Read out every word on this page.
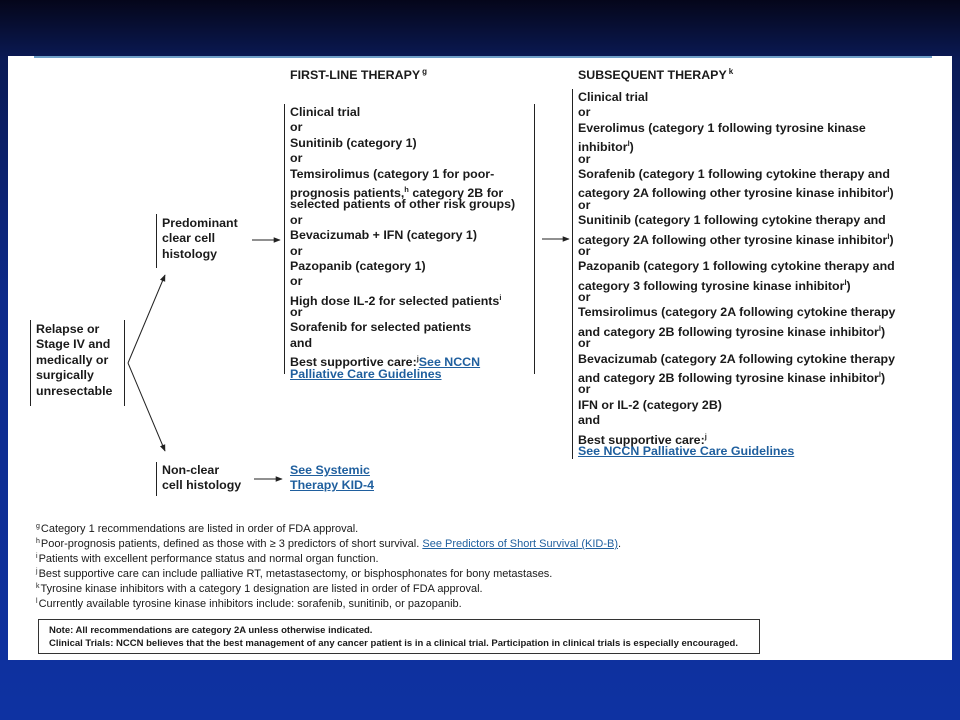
FIRST-LINE THERAPY $^g$	SUBSEQUENT THERAPY $^k$
Relapse or
Stage IV and
medically or
surgically
unresectable
Predominant
clear cell
histology
Non-clear
cell histology
Clinical trial
or
Sunitinib (category 1)
or
Temsirolimus (category 1 for poor-
prognosis patients,$^h$ category 2B for
selected patients of other risk groups)
or
Bevacizumab + IFN (category 1)
or
Pazopanib (category 1)
or
High dose IL-2 for selected patients$^i$
or
Sorafenib for selected patients
and
Best supportive care:$^j$See NCCN
Palliative Care Guidelines
See Systemic
Therapy KID-4
Clinical trial
or
Everolimus (category 1 following tyrosine kinase
inhibitor$^l$)
or
Sorafenib (category 1 following cytokine therapy and
category 2A following other tyrosine kinase inhibitor$^l$)
or
Sunitinib (category 1 following cytokine therapy and
category 2A following other tyrosine kinase inhibitor$^l$)
or
Pazopanib (category 1 following cytokine therapy and
category 3 following tyrosine kinase inhibitor$^l$)
or
Temsirolimus (category 2A following cytokine therapy
and category 2B following tyrosine kinase inhibitor$^l$)
or
Bevacizumab (category 2A following cytokine therapy
and category 2B following tyrosine kinase inhibitor$^l$)
or
IFN or IL-2 (category 2B)
and
Best supportive care:$^j$
See NCCN Palliative Care Guidelines
$^g$Category 1 recommendations are listed in order of FDA approval.
$^h$Poor-prognosis patients, defined as those with ≥ 3 predictors of short survival. See Predictors of Short Survival (KID-B).
$^i$Patients with excellent performance status and normal organ function.
$^j$Best supportive care can include palliative RT, metastasectomy, or bisphosphonates for bony metastases.
$^k$Tyrosine kinase inhibitors with a category 1 designation are listed in order of FDA approval.
$^l$Currently available tyrosine kinase inhibitors include: sorafenib, sunitinib, or pazopanib.
Note: All recommendations are category 2A unless otherwise indicated.
Clinical Trials: NCCN believes that the best management of any cancer patient is in a clinical trial. Participation in clinical trials is especially encouraged.
